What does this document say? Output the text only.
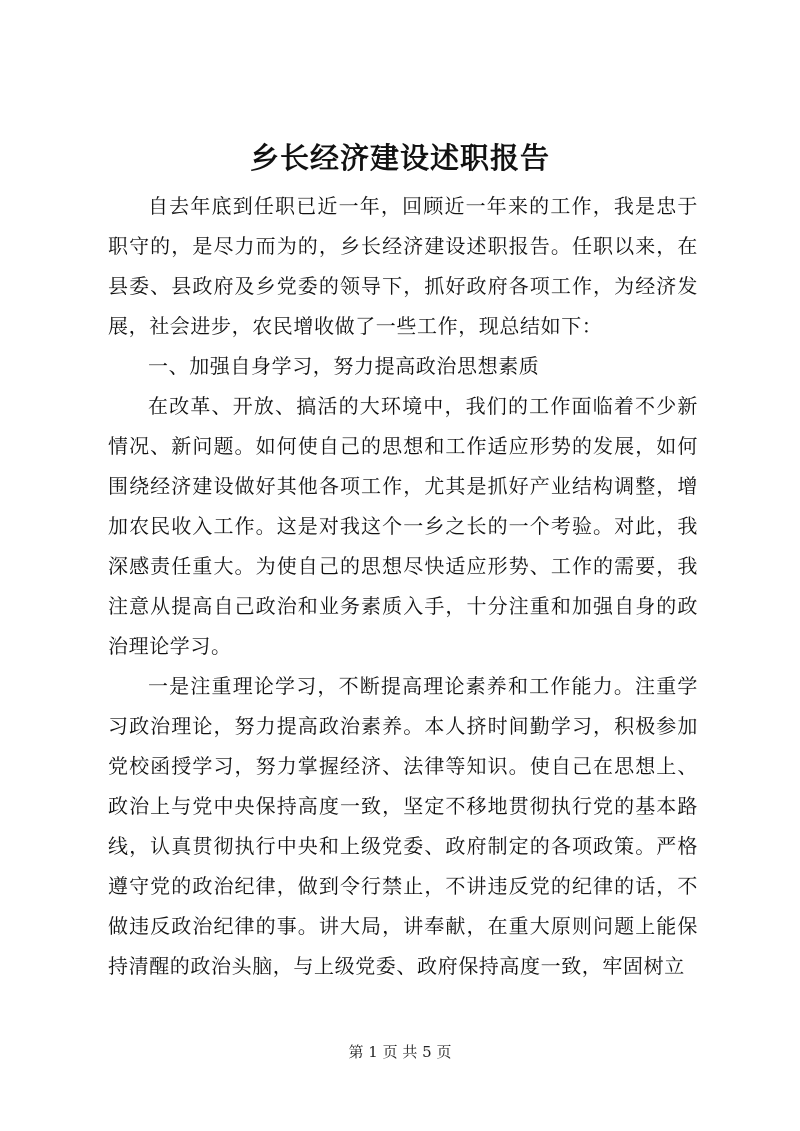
乡长经济建设述职报告

自去年底到任职已近一年，回顾近一年来的工作，我是忠于职守的，是尽力而为的，乡长经济建设述职报告。任职以来，在县委、县政府及乡党委的领导下，抓好政府各项工作，为经济发展，社会进步，农民增收做了一些工作，现总结如下：

一、加强自身学习，努力提高政治思想素质

在改革、开放、搞活的大环境中，我们的工作面临着不少新情况、新问题。如何使自己的思想和工作适应形势的发展，如何围绕经济建设做好其他各项工作，尤其是抓好产业结构调整，增加农民收入工作。这是对我这个一乡之长的一个考验。对此，我深感责任重大。为使自己的思想尽快适应形势、工作的需要，我注意从提高自己政治和业务素质入手，十分注重和加强自身的政治理论学习。

一是注重理论学习，不断提高理论素养和工作能力。注重学习政治理论，努力提高政治素养。本人挤时间勤学习，积极参加党校函授学习，努力掌握经济、法律等知识。使自己在思想上、政治上与党中央保持高度一致，坚定不移地贯彻执行党的基本路线，认真贯彻执行中央和上级党委、政府制定的各项政策。严格遵守党的政治纪律，做到令行禁止，不讲违反党的纪律的话，不做违反政治纪律的事。讲大局，讲奉献，在重大原则问题上能保持清醒的政治头脑，与上级党委、政府保持高度一致，牢固树立

第 1 页 共 5 页
